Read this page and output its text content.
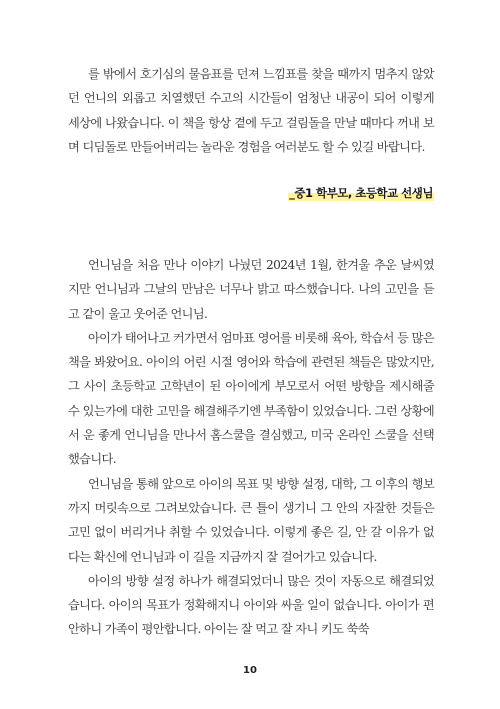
를 밖에서 호기심의 물음표를 던져 느낌표를 찾을 때까지 멈추지 않았던 언니의 외롭고 치열했던 수고의 시간들이 엄청난 내공이 되어 이렇게 세상에 나왔습니다. 이 책을 항상 곁에 두고 걸림돌을 만날 때마다 꺼내 보며 디딤돌로 만들어버리는 놀라운 경험을 여러분도 할 수 있길 바랍니다.

_중1 학부모, 초등학교 선생님

언니님을 처음 만나 이야기 나눴던 2024년 1월, 한겨울 추운 날씨였지만 언니님과 그날의 만남은 너무나 밝고 따스했습니다. 나의 고민을 듣고 같이 울고 웃어준 언니님.

아이가 태어나고 커가면서 엄마표 영어를 비롯해 육아, 학습서 등 많은 책을 봐왔어요. 아이의 어린 시절 영어와 학습에 관련된 책들은 많았지만, 그 사이 초등학교 고학년이 된 아이에게 부모로서 어떤 방향을 제시해줄 수 있는가에 대한 고민을 해결해주기엔 부족함이 있었습니다. 그런 상황에서 운 좋게 언니님을 만나서 홈스쿨을 결심했고, 미국 온라인 스쿨을 선택했습니다.

언니님을 통해 앞으로 아이의 목표 및 방향 설정, 대학, 그 이후의 행보까지 머릿속으로 그려보았습니다. 큰 틀이 생기니 그 안의 자잘한 것들은 고민 없이 버리거나 취할 수 있었습니다. 이렇게 좋은 길, 안 갈 이유가 없다는 확신에 언니님과 이 길을 지금까지 잘 걸어가고 있습니다.

아이의 방향 설정 하나가 해결되었더니 많은 것이 자동으로 해결되었습니다. 아이의 목표가 정확해지니 아이와 싸울 일이 없습니다. 아이가 편안하니 가족이 평안합니다. 아이는 잘 먹고 잘 자니 키도 쑥쑥

10
